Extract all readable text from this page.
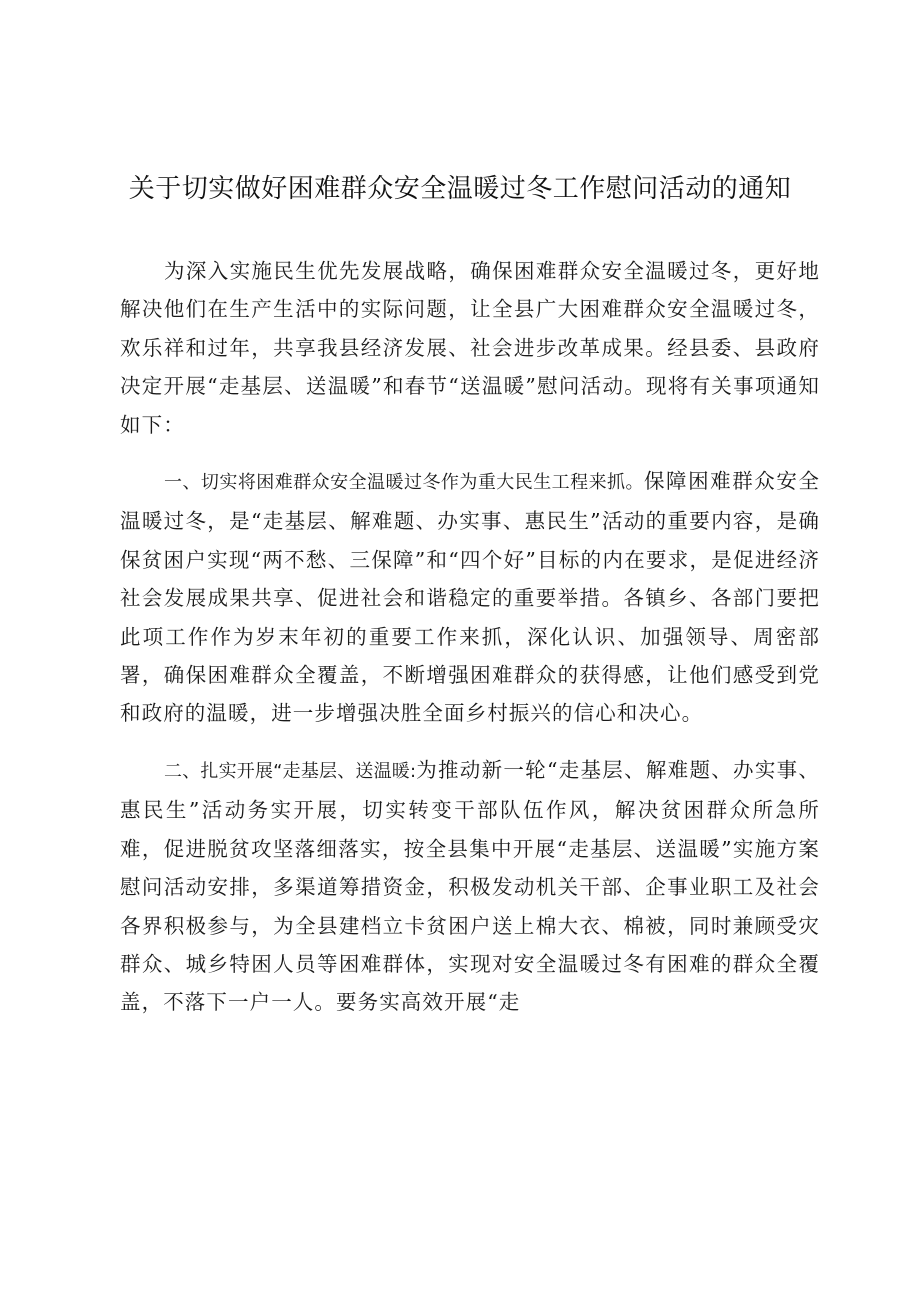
关于切实做好困难群众安全温暖过冬工作慰问活动的通知

为深入实施民生优先发展战略，确保困难群众安全温暖过冬，更好地解决他们在生产生活中的实际问题，让全县广大困难群众安全温暖过冬，欢乐祥和过年，共享我县经济发展、社会进步改革成果。经县委、县政府决定开展“走基层、送温暖”和春节“送温暖”慰问活动。现将有关事项通知如下：

一、切实将困难群众安全温暖过冬作为重大民生工程来抓。保障困难群众安全温暖过冬，是“走基层、解难题、办实事、惠民生”活动的重要内容，是确保贫困户实现“两不愁、三保障”和“四个好”目标的内在要求，是促进经济社会发展成果共享、促进社会和谐稳定的重要举措。各镇乡、各部门要把此项工作作为岁末年初的重要工作来抓，深化认识、加强领导、周密部署，确保困难群众全覆盖，不断增强困难群众的获得感，让他们感受到党和政府的温暖，进一步增强决胜全面乡村振兴的信心和决心。

二、扎实开展“走基层、送温暖:为推动新一轮“走基层、解难题、办实事、惠民生”活动务实开展，切实转变干部队伍作风，解决贫困群众所急所难，促进脱贫攻坚落细落实，按全县集中开展“走基层、送温暖”实施方案慰问活动安排，多渠道筹措资金，积极发动机关干部、企事业职工及社会各界积极参与，为全县建档立卡贫困户送上棉大衣、棉被，同时兼顾受灾群众、城乡特困人员等困难群体，实现对安全温暖过冬有困难的群众全覆盖，不落下一户一人。要务实高效开展“走
